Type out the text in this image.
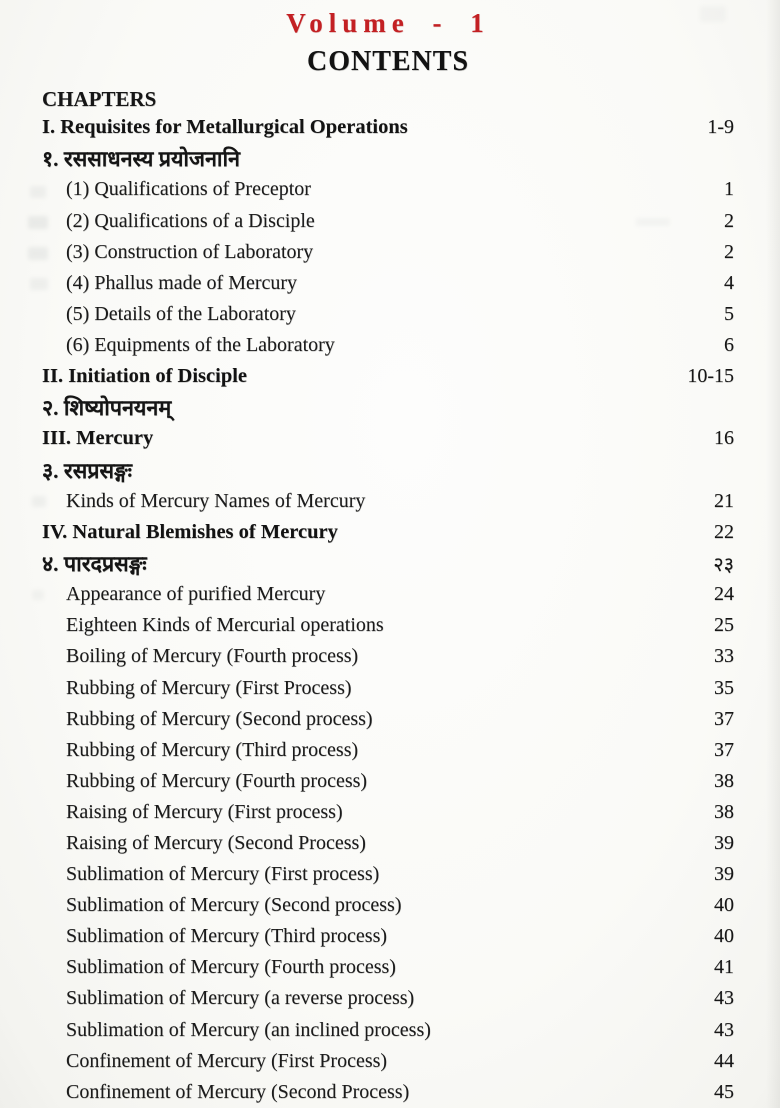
Volume - 1
CONTENTS
CHAPTERS
I. Requisites for Metallurgical Operations	1-9
१. रससाधनस्य प्रयोजनानि
(1) Qualifications of Preceptor	1
(2) Qualifications of a Disciple	2
(3) Construction of Laboratory	2
(4) Phallus made of Mercury	4
(5) Details of the Laboratory	5
(6) Equipments of the Laboratory	6
II. Initiation of Disciple	10-15
२. शिष्योपनयनम्
III. Mercury	16
३. रसप्रसङ्गः
Kinds of Mercury Names of Mercury	21
IV. Natural Blemishes of Mercury	22
४. पारदप्रसङ्गः	२३
Appearance of purified Mercury	24
Eighteen Kinds of Mercurial operations	25
Boiling of Mercury (Fourth process)	33
Rubbing of Mercury (First Process)	35
Rubbing of Mercury (Second process)	37
Rubbing of Mercury (Third process)	37
Rubbing of Mercury (Fourth process)	38
Raising of Mercury (First process)	38
Raising of Mercury (Second Process)	39
Sublimation of Mercury (First process)	39
Sublimation of Mercury (Second process)	40
Sublimation of Mercury (Third process)	40
Sublimation of Mercury (Fourth process)	41
Sublimation of Mercury (a reverse process)	43
Sublimation of Mercury (an inclined process)	43
Confinement of Mercury (First Process)	44
Confinement of Mercury (Second Process)	45
